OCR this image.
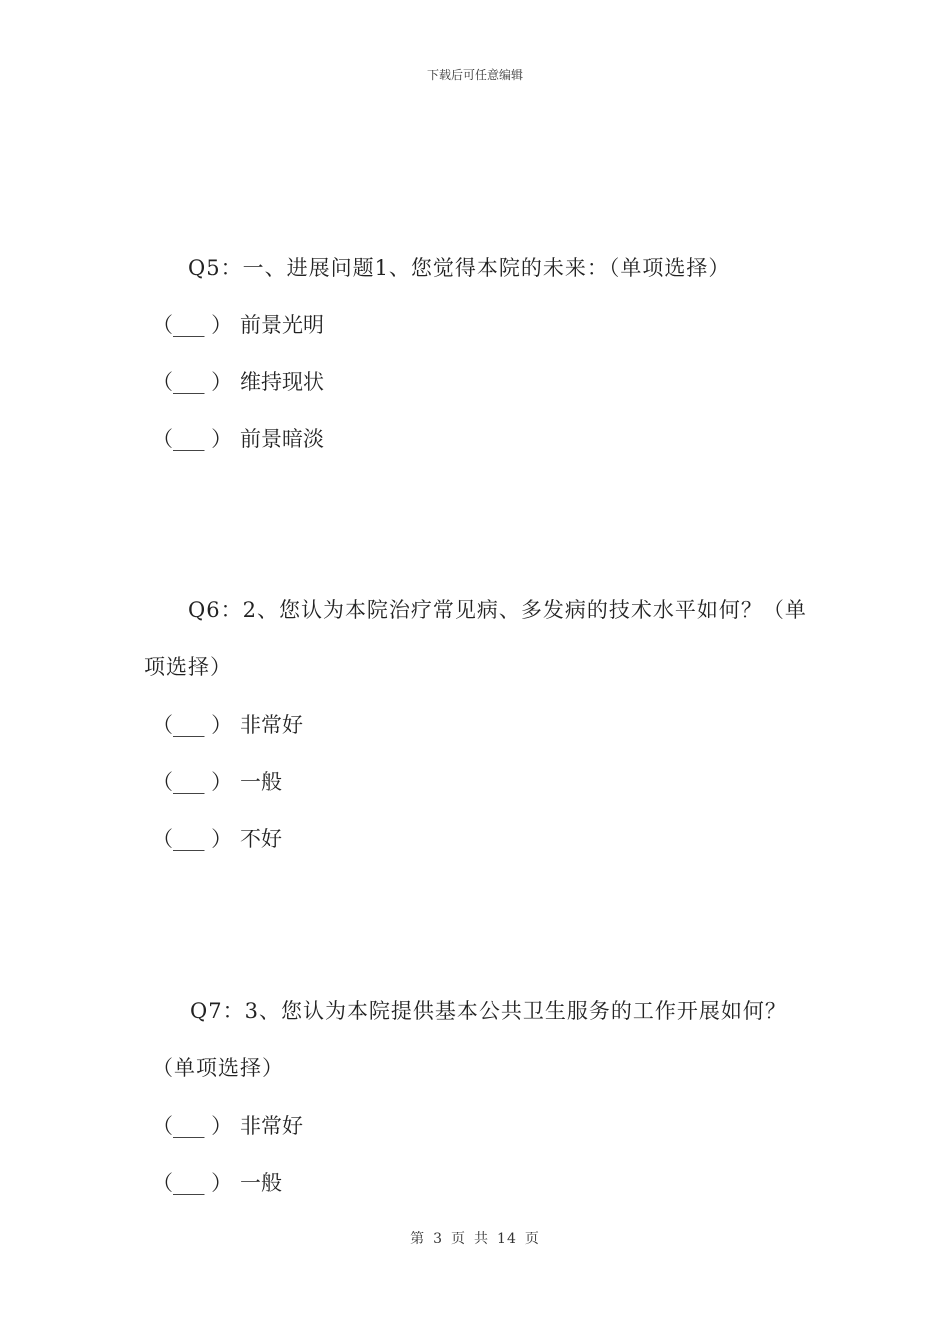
下载后可任意编辑
Q5：一、进展问题1、您觉得本院的未来：（单项选择）
（___ ） 前景光明
（___ ） 维持现状
（___ ） 前景暗淡
Q6：2、您认为本院治疗常见病、多发病的技术水平如何？（单
项选择）
（___ ） 非常好
（___ ） 一般
（___ ） 不好
Q7：3、您认为本院提供基本公共卫生服务的工作开展如何？
（单项选择）
（___ ） 非常好
（___ ） 一般
第 3 页 共 14 页
